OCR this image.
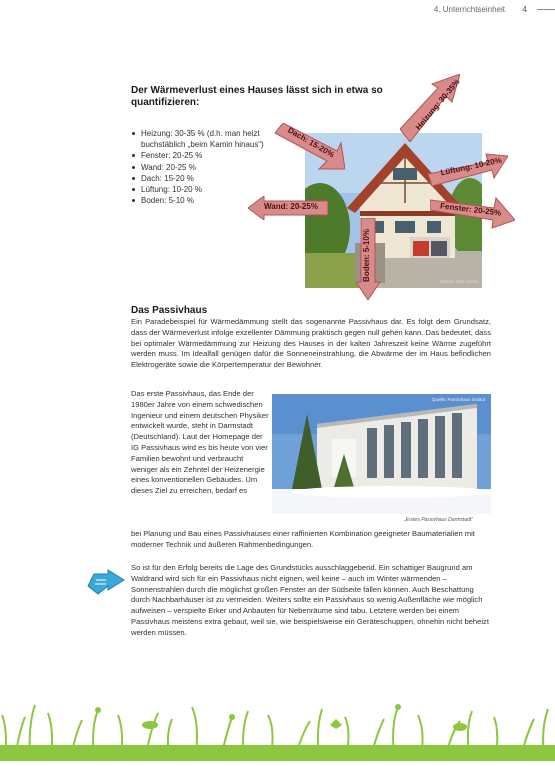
4. Unterrichtseinheit 4
Der Wärmeverlust eines Hauses lässt sich in etwa so quantifizieren:
Heizung: 30-35 % (d.h. man heizt buchstäblich „beim Kamin hinaus“)
Fenster: 20-25 %
Wand: 20-25 %
Dach: 15-20 %
Lüftung: 10-20 %
Boden: 5-10 %
Quelle: LBZ-Archiv
Dach: 15-20%
Heizung: 30-35%
Lüftung: 10-20%
Fenster: 20-25%
Wand: 20-25%
Boden: 5-10%
Das Passivhaus
Ein Paradebeispiel für Wärmedämmung stellt das sogenannte Passivhaus dar. Es folgt dem Grundsatz, dass der Wärmeverlust infolge exzellenter Dämmung praktisch gegen null gehen kann. Das bedeutet, dass bei optimaler Wärmedämmung zur Heizung des Hauses in der kalten Jahreszeit keine Wärme zugeführt werden muss. Im Idealfall genügen dafür die Sonneneinstrahlung, die Abwärme der im Haus befindlichen Elektrogeräte sowie die Körpertemperatur der Bewohner.
Das erste Passivhaus, das Ende der 1980er Jahre von einem schwedischen Ingenieur und einem deutschen Physiker entwickelt wurde, steht in Darmstadt (Deutschland). Laut der Homepage der IG Passivhaus wird es bis heute von vier Familien bewohnt und verbraucht weniger als ein Zehntel der Heizenergie eines konventionellen Gebäudes. Um dieses Ziel zu erreichen, bedarf es
Quelle: Passivhaus Institut
„Erstes Passivhaus Darmstadt“
bei Planung und Bau eines Passivhauses einer raffinierten Kombination geeigneter Baumaterialien mit moderner Technik und äußeren Rahmenbedingungen.
So ist für den Erfolg bereits die Lage des Grundstücks ausschlaggebend. Ein schattiger Baugrund am Waldrand wird sich für ein Passivhaus nicht eignen, weil keine – auch im Winter wärmenden – Sonnenstrahlen durch die möglichst großen Fenster an der Südseite fallen können. Auch Beschattung durch Nachbarhäuser ist zu vermeiden. Weiters sollte ein Passivhaus so wenig Außenfläche wie möglich aufweisen – verspielte Erker und Anbauten für Nebenräume sind tabu. Letztere werden bei einem Passivhaus meistens extra gebaut, weil sie, wie beispielsweise ein Geräteschuppen, ohnehin nicht beheizt werden müssen.
